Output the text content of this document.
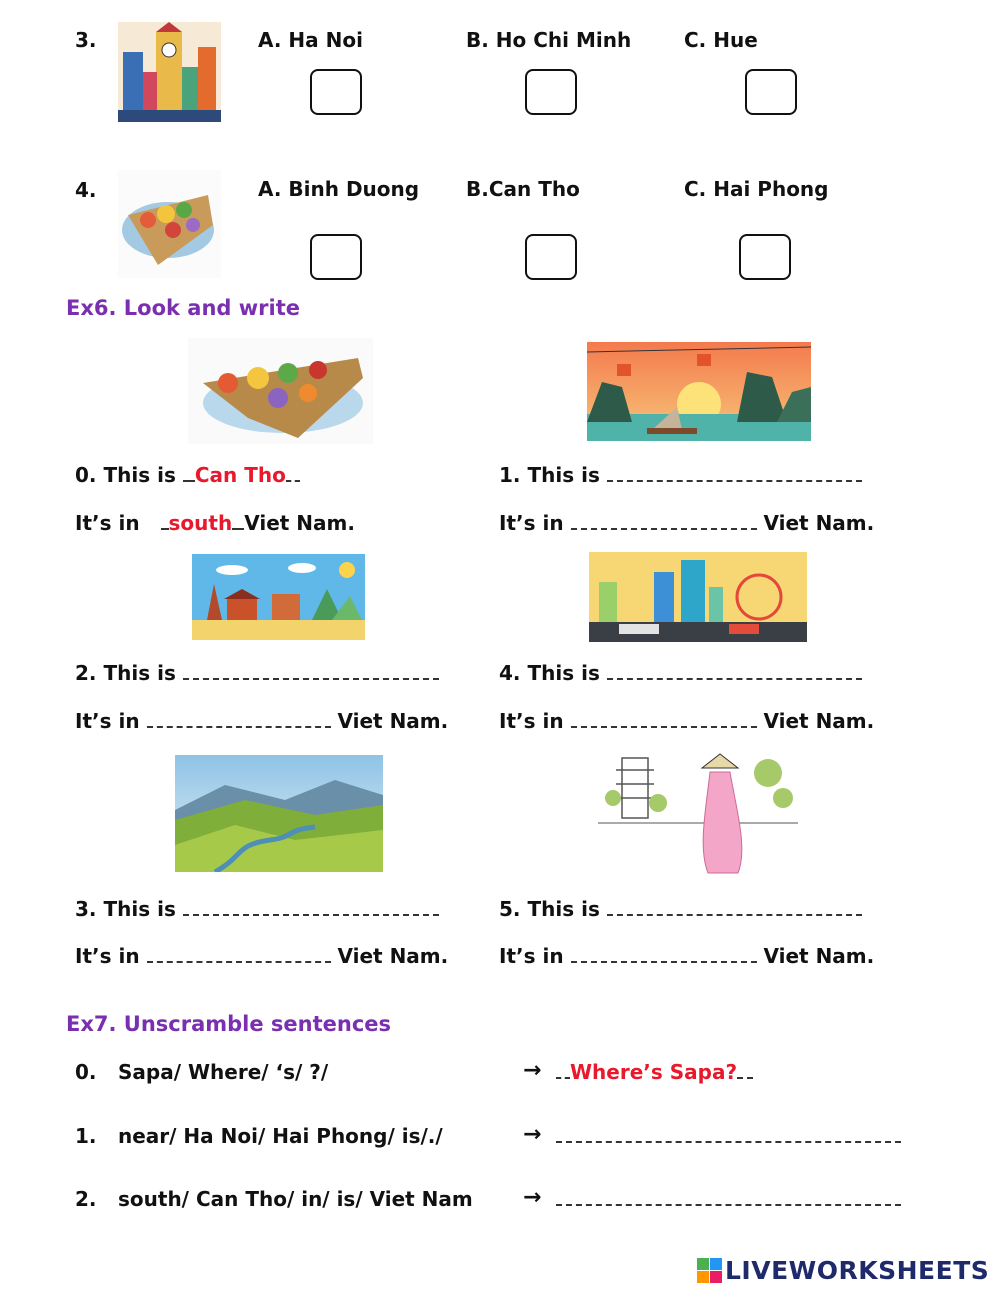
3.	A. Ha Noi	B. Ho Chi Minh	C. Hue
4.	A. Binh Duong B.Can Tho	C. Hai Phong
Ex6. Look and write
0. This is Can Tho
It’s in south Viet Nam.
1. This is
It’s in	Viet Nam.
2. This is
It’s in	Viet Nam.
4. This is
It’s in	Viet Nam.
3. This is
It’s in	Viet Nam.
5. This is
It’s in	Viet Nam.
Ex7. Unscramble sentences
0. Sapa/ Where/ ‘s/ ?/	→	Where’s Sapa?
1. near/ Ha Noi/ Hai Phong/ is/./	→
2. south/ Can Tho/ in/ is/ Viet Nam →
LIVEWORKSHEETS
